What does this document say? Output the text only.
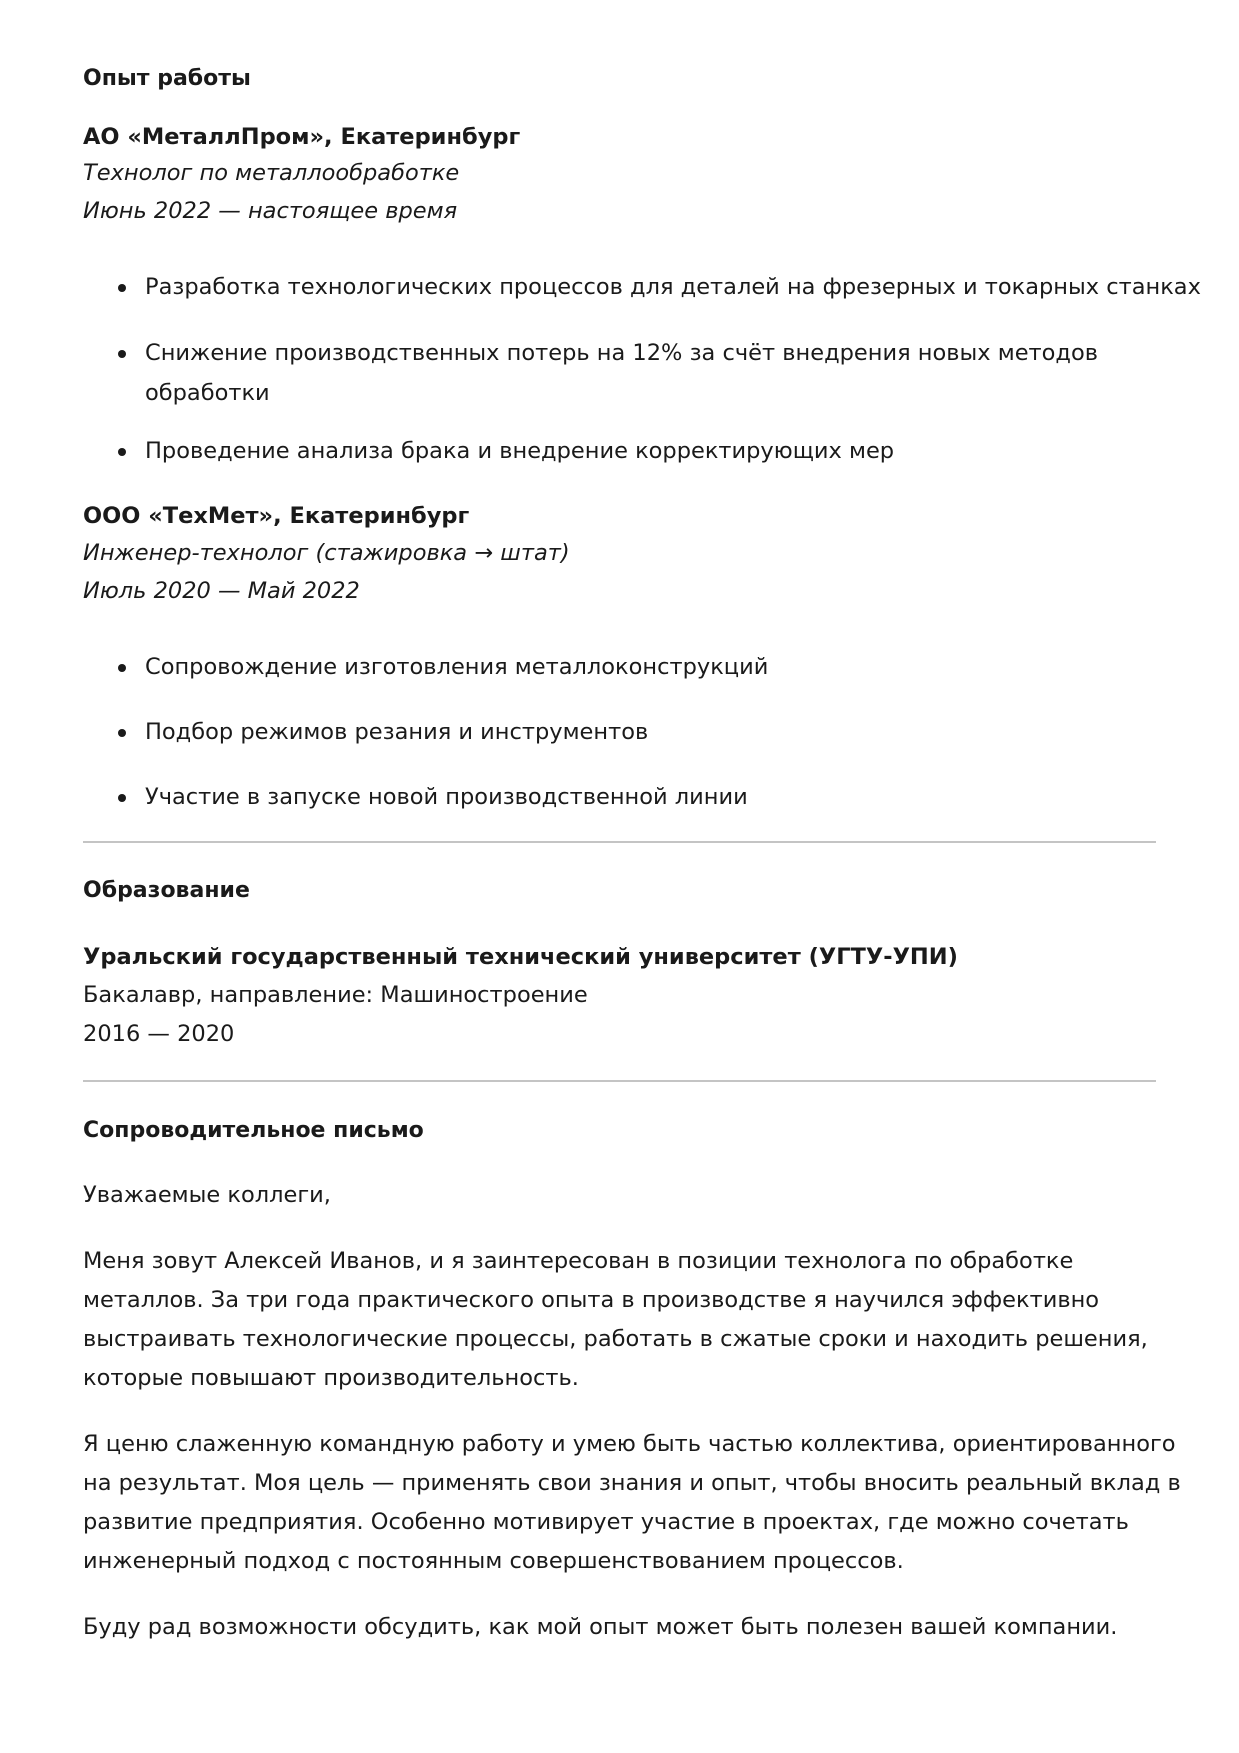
Опыт работы
АО «МеталлПром», Екатеринбург

Технолог по металлообработке

Июнь 2022 — настоящее время

Разработка технологических процессов для деталей на фрезерных и токарных станках

Снижение производственных потерь на 12% за счёт внедрения новых методов

обработки

Проведение анализа брака и внедрение корректирующих мер

ООО «ТехМет», Екатеринбург

Инженер-технолог (стажировка → штат)

Июль 2020 — Май 2022

Сопровождение изготовления металлоконструкций

Подбор режимов резания и инструментов

Участие в запуске новой производственной линии

Образование
Уральский государственный технический университет (УГТУ-УПИ)

Бакалавр, направление: Машиностроение

2016 — 2020

Сопроводительное письмо

Уважаемые коллеги,

Меня зовут Алексей Иванов, и я заинтересован в позиции технолога по обработке

металлов. За три года практического опыта в производстве я научился эффективно

выстраивать технологические процессы, работать в сжатые сроки и находить решения,

которые повышают производительность.

Я ценю слаженную командную работу и умею быть частью коллектива, ориентированного

на результат. Моя цель — применять свои знания и опыт, чтобы вносить реальный вклад в

развитие предприятия. Особенно мотивирует участие в проектах, где можно сочетать

инженерный подход с постоянным совершенствованием процессов.

Буду рад возможности обсудить, как мой опыт может быть полезен вашей компании.
